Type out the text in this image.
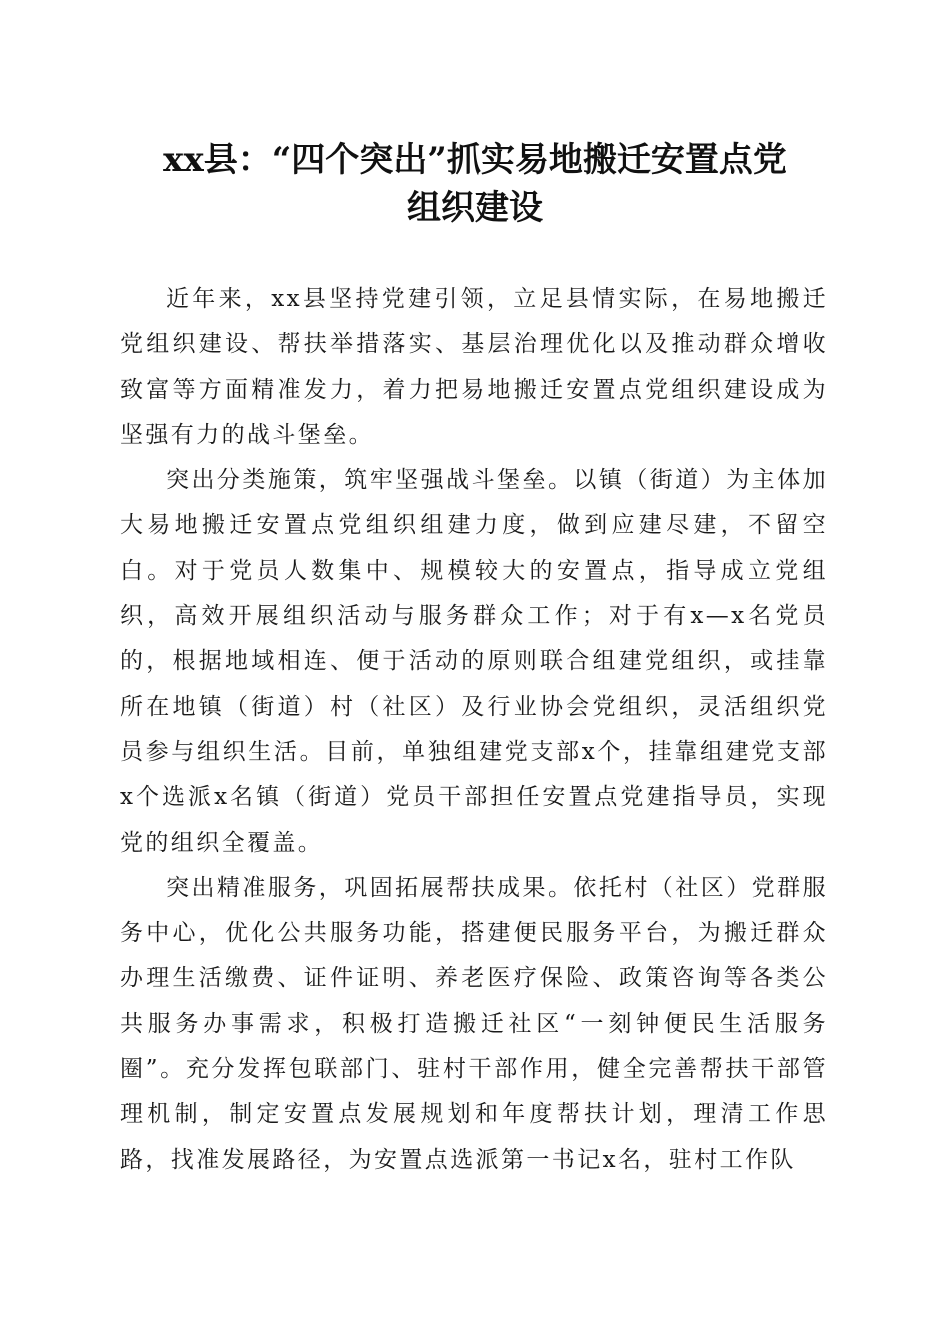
xx县：“四个突出”抓实易地搬迁安置点党
组织建设

近年来，xx县坚持党建引领，立足县情实际，在易地搬迁党组织建设、帮扶举措落实、基层治理优化以及推动群众增收致富等方面精准发力，着力把易地搬迁安置点党组织建设成为坚强有力的战斗堡垒。

突出分类施策，筑牢坚强战斗堡垒。以镇（街道）为主体加大易地搬迁安置点党组织组建力度，做到应建尽建，不留空白。对于党员人数集中、规模较大的安置点，指导成立党组织，高效开展组织活动与服务群众工作；对于有x—x名党员的，根据地域相连、便于活动的原则联合组建党组织，或挂靠所在地镇（街道）村（社区）及行业协会党组织，灵活组织党员参与组织生活。目前，单独组建党支部x个，挂靠组建党支部x个选派x名镇（街道）党员干部担任安置点党建指导员，实现党的组织全覆盖。

突出精准服务，巩固拓展帮扶成果。依托村（社区）党群服务中心，优化公共服务功能，搭建便民服务平台，为搬迁群众办理生活缴费、证件证明、养老医疗保险、政策咨询等各类公共服务办事需求，积极打造搬迁社区“一刻钟便民生活服务圈”。充分发挥包联部门、驻村干部作用，健全完善帮扶干部管理机制，制定安置点发展规划和年度帮扶计划，理清工作思路，找准发展路径，为安置点选派第一书记x名，驻村工作队
